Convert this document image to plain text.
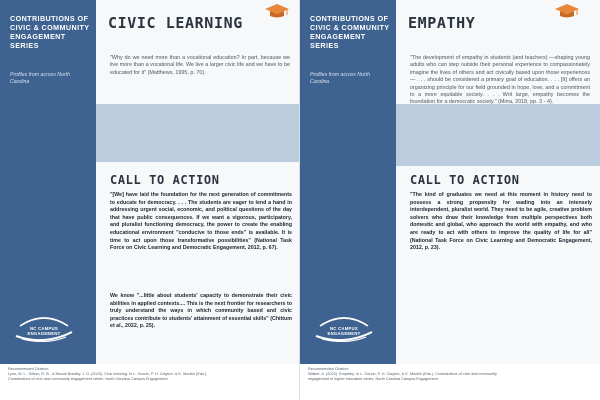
CONTRIBUTIONS OF CIVIC & COMMUNITY ENGAGEMENT SERIES
Profiles from across North Carolina
NC CAMPUS ENGAGEMENT
CIVIC LEARNING
"Why do we need more than a vocational education? In part, because we live more than a vocational life. We live a larger civic life and we have to be educated for it" (Matthews, 1995, p. 70).
CALL TO ACTION
"[We] have laid the foundation for the next generation of commitments to educate for democracy. . . . The students are eager to lend a hand in addressing urgent social, economic, and political questions of the day that have public consequences. If we want a vigorous, participatory, and pluralist functioning democracy, the power to create the enabling educational environment "conducive to those ends" is available. It is time to act upon those transformative possibilities" (National Task Force on Civic Learning and Democratic Engagement, 2012, p. 67).
We know "...little about students' capacity to demonstrate their civic abilities in applied contexts.... This is the next frontier for researchers to truly understand the ways in which community based and civic practices contribute to students' attainment of essential skills" (Chittum et al., 2022, p. 25).
Recommended Citation:
Lyon, M. L., Kilbon, R. B., & Biscoll Bradley, J. D. (2023). Civic learning. In L. Gorvin, P. H. Clayton, & K. Moollin (Eds.), Contributions of civic and community engagement series. North Carolina Campus Engagement.
CONTRIBUTIONS OF CIVIC & COMMUNITY ENGAGEMENT SERIES
Profiles from across North Carolina
NC CAMPUS ENGAGEMENT
EMPATHY
"The development of empathy in students (and teachers) —shaping young adults who can step outside their personal experience to compassionately imagine the lives of others and act civically based upon those experiences — . . . should be considered a primary goal of education. . . . [It] offers an organizing principle for our field grounded in hope, love, and a commitment to a more equitable society. . . . Writ large, empathy becomes the foundation for a democratic society." (Mirra, 2018, pp. 3 - 4).
CALL TO ACTION
"The kind of graduates we need at this moment in history need to possess a strong propensity for wading into an intensely interdependent, pluralist world. They need to be agile, creative problem solvers who draw their knowledge from multiple perspectives both domestic and global, who approach the world with empathy, and who are ready to act with others to improve the quality of life for all" (National Task Force on Civic Learning and Democratic Engagement, 2012, p. 23).
Recommended Citation:
Walker, A. (2023). Empathy. In L. Gorvin, P. H. Clayton, & K. Moollin (Eds.), Contributions of civic and community engagement in higher education series. North Carolina Campus Engagement.
